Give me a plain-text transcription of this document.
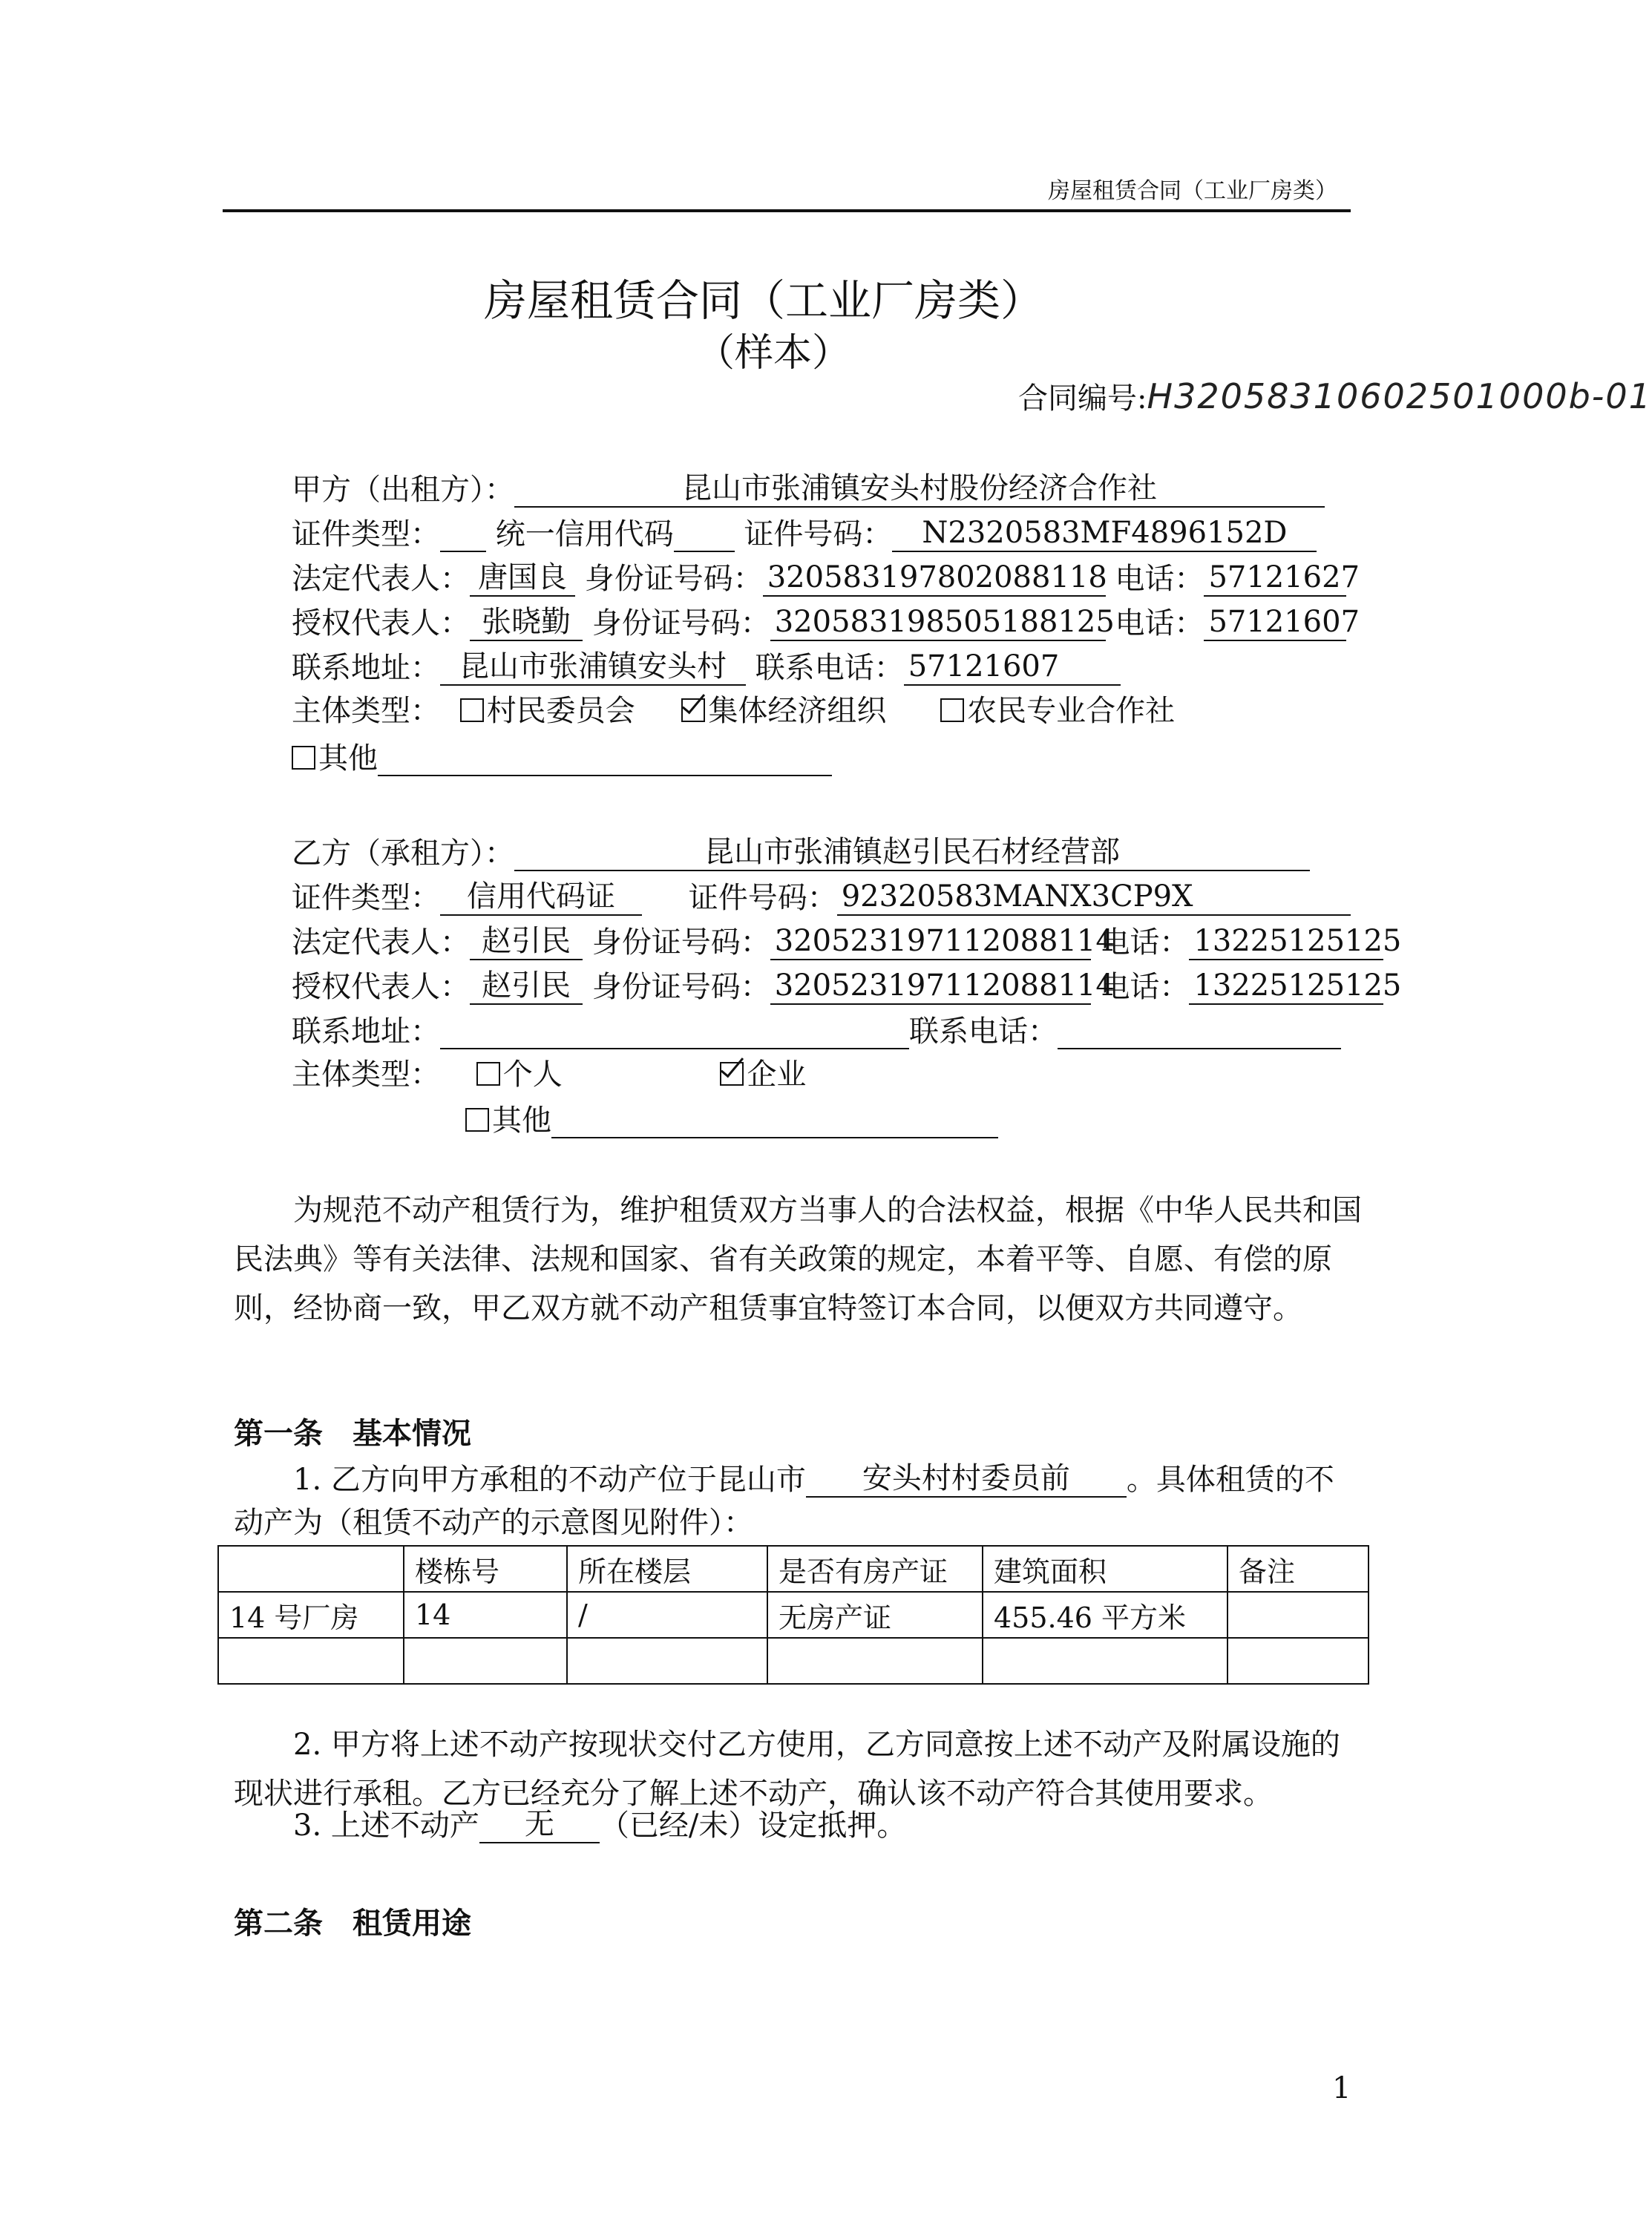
房屋租赁合同（工业厂房类）
房屋租赁合同（工业厂房类）
（样本）
合同编号:H32058310602501000b-01
甲方（出租方）：	昆山市张浦镇安头村股份经济合作社
证件类型： 统一信用代码 证件号码： N2320583MF4896152D
法定代表人： 唐国良 身份证号码： 320583197802088118 电话： 57121627
授权代表人： 张晓勤 身份证号码： 320583198505188125 电话： 57121607
联系地址： 昆山市张浦镇安头村 联系电话： 57121607
主体类型： 村民委员会 集体经济组织	农民专业合作社
其他
乙方（承租方）：	昆山市张浦镇赵引民石材经营部
证件类型： 信用代码证 证件号码： 92320583MANX3CP9X
法定代表人： 赵引民 身份证号码： 320523197112088114 电话： 13225125125
授权代表人： 赵引民 身份证号码： 320523197112088114 电话： 13225125125
联系地址：	联系电话：
主体类型： 个人	企业
其他
为规范不动产租赁行为，维护租赁双方当事人的合法权益，根据《中华人民共和国民法典》等有关法律、法规和国家、省有关政策的规定，本着平等、自愿、有偿的原则，经协商一致，甲乙双方就不动产租赁事宜特签订本合同，以便双方共同遵守。
第一条　基本情况
1. 乙方向甲方承租的不动产位于昆山市 安头村村委员前 。具体租赁的不
动产为（租赁不动产的示意图见附件）：
	楼栋号	所在楼层	是否有房产证	建筑面积	备注
14 号厂房	14	/	无房产证	455.46 平方米	

2. 甲方将上述不动产按现状交付乙方使用，乙方同意按上述不动产及附属设施的现状进行承租。乙方已经充分了解上述不动产，确认该不动产符合其使用要求。
3. 上述不动产 无 （已经/未）设定抵押。
第二条　租赁用途
1
